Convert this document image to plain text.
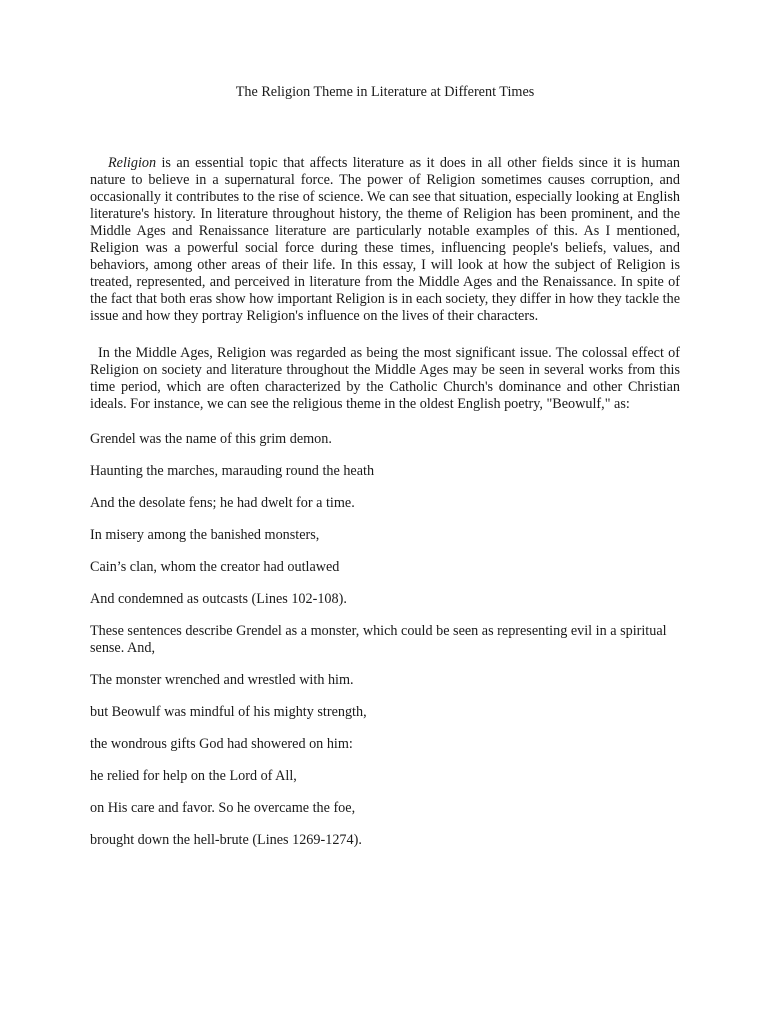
The Religion Theme in Literature at Different Times

Religion is an essential topic that affects literature as it does in all other fields since it is human nature to believe in a supernatural force. The power of Religion sometimes causes corruption, and occasionally it contributes to the rise of science. We can see that situation, especially looking at English literature's history. In literature throughout history, the theme of Religion has been prominent, and the Middle Ages and Renaissance literature are particularly notable examples of this. As I mentioned, Religion was a powerful social force during these times, influencing people's beliefs, values, and behaviors, among other areas of their life. In this essay, I will look at how the subject of Religion is treated, represented, and perceived in literature from the Middle Ages and the Renaissance. In spite of the fact that both eras show how important Religion is in each society, they differ in how they tackle the issue and how they portray Religion's influence on the lives of their characters.

In the Middle Ages, Religion was regarded as being the most significant issue. The colossal effect of Religion on society and literature throughout the Middle Ages may be seen in several works from this time period, which are often characterized by the Catholic Church's dominance and other Christian ideals. For instance, we can see the religious theme in the oldest English poetry, "Beowulf," as:

Grendel was the name of this grim demon.
Haunting the marches, marauding round the heath
And the desolate fens; he had dwelt for a time.
In misery among the banished monsters,
Cain’s clan, whom the creator had outlawed
And condemned as outcasts (Lines 102-108).

These sentences describe Grendel as a monster, which could be seen as representing evil in a spiritual sense. And,

The monster wrenched and wrestled with him.
but Beowulf was mindful of his mighty strength,
the wondrous gifts God had showered on him:
he relied for help on the Lord of All,
on His care and favor. So he overcame the foe,
brought down the hell-brute (Lines 1269-1274).
